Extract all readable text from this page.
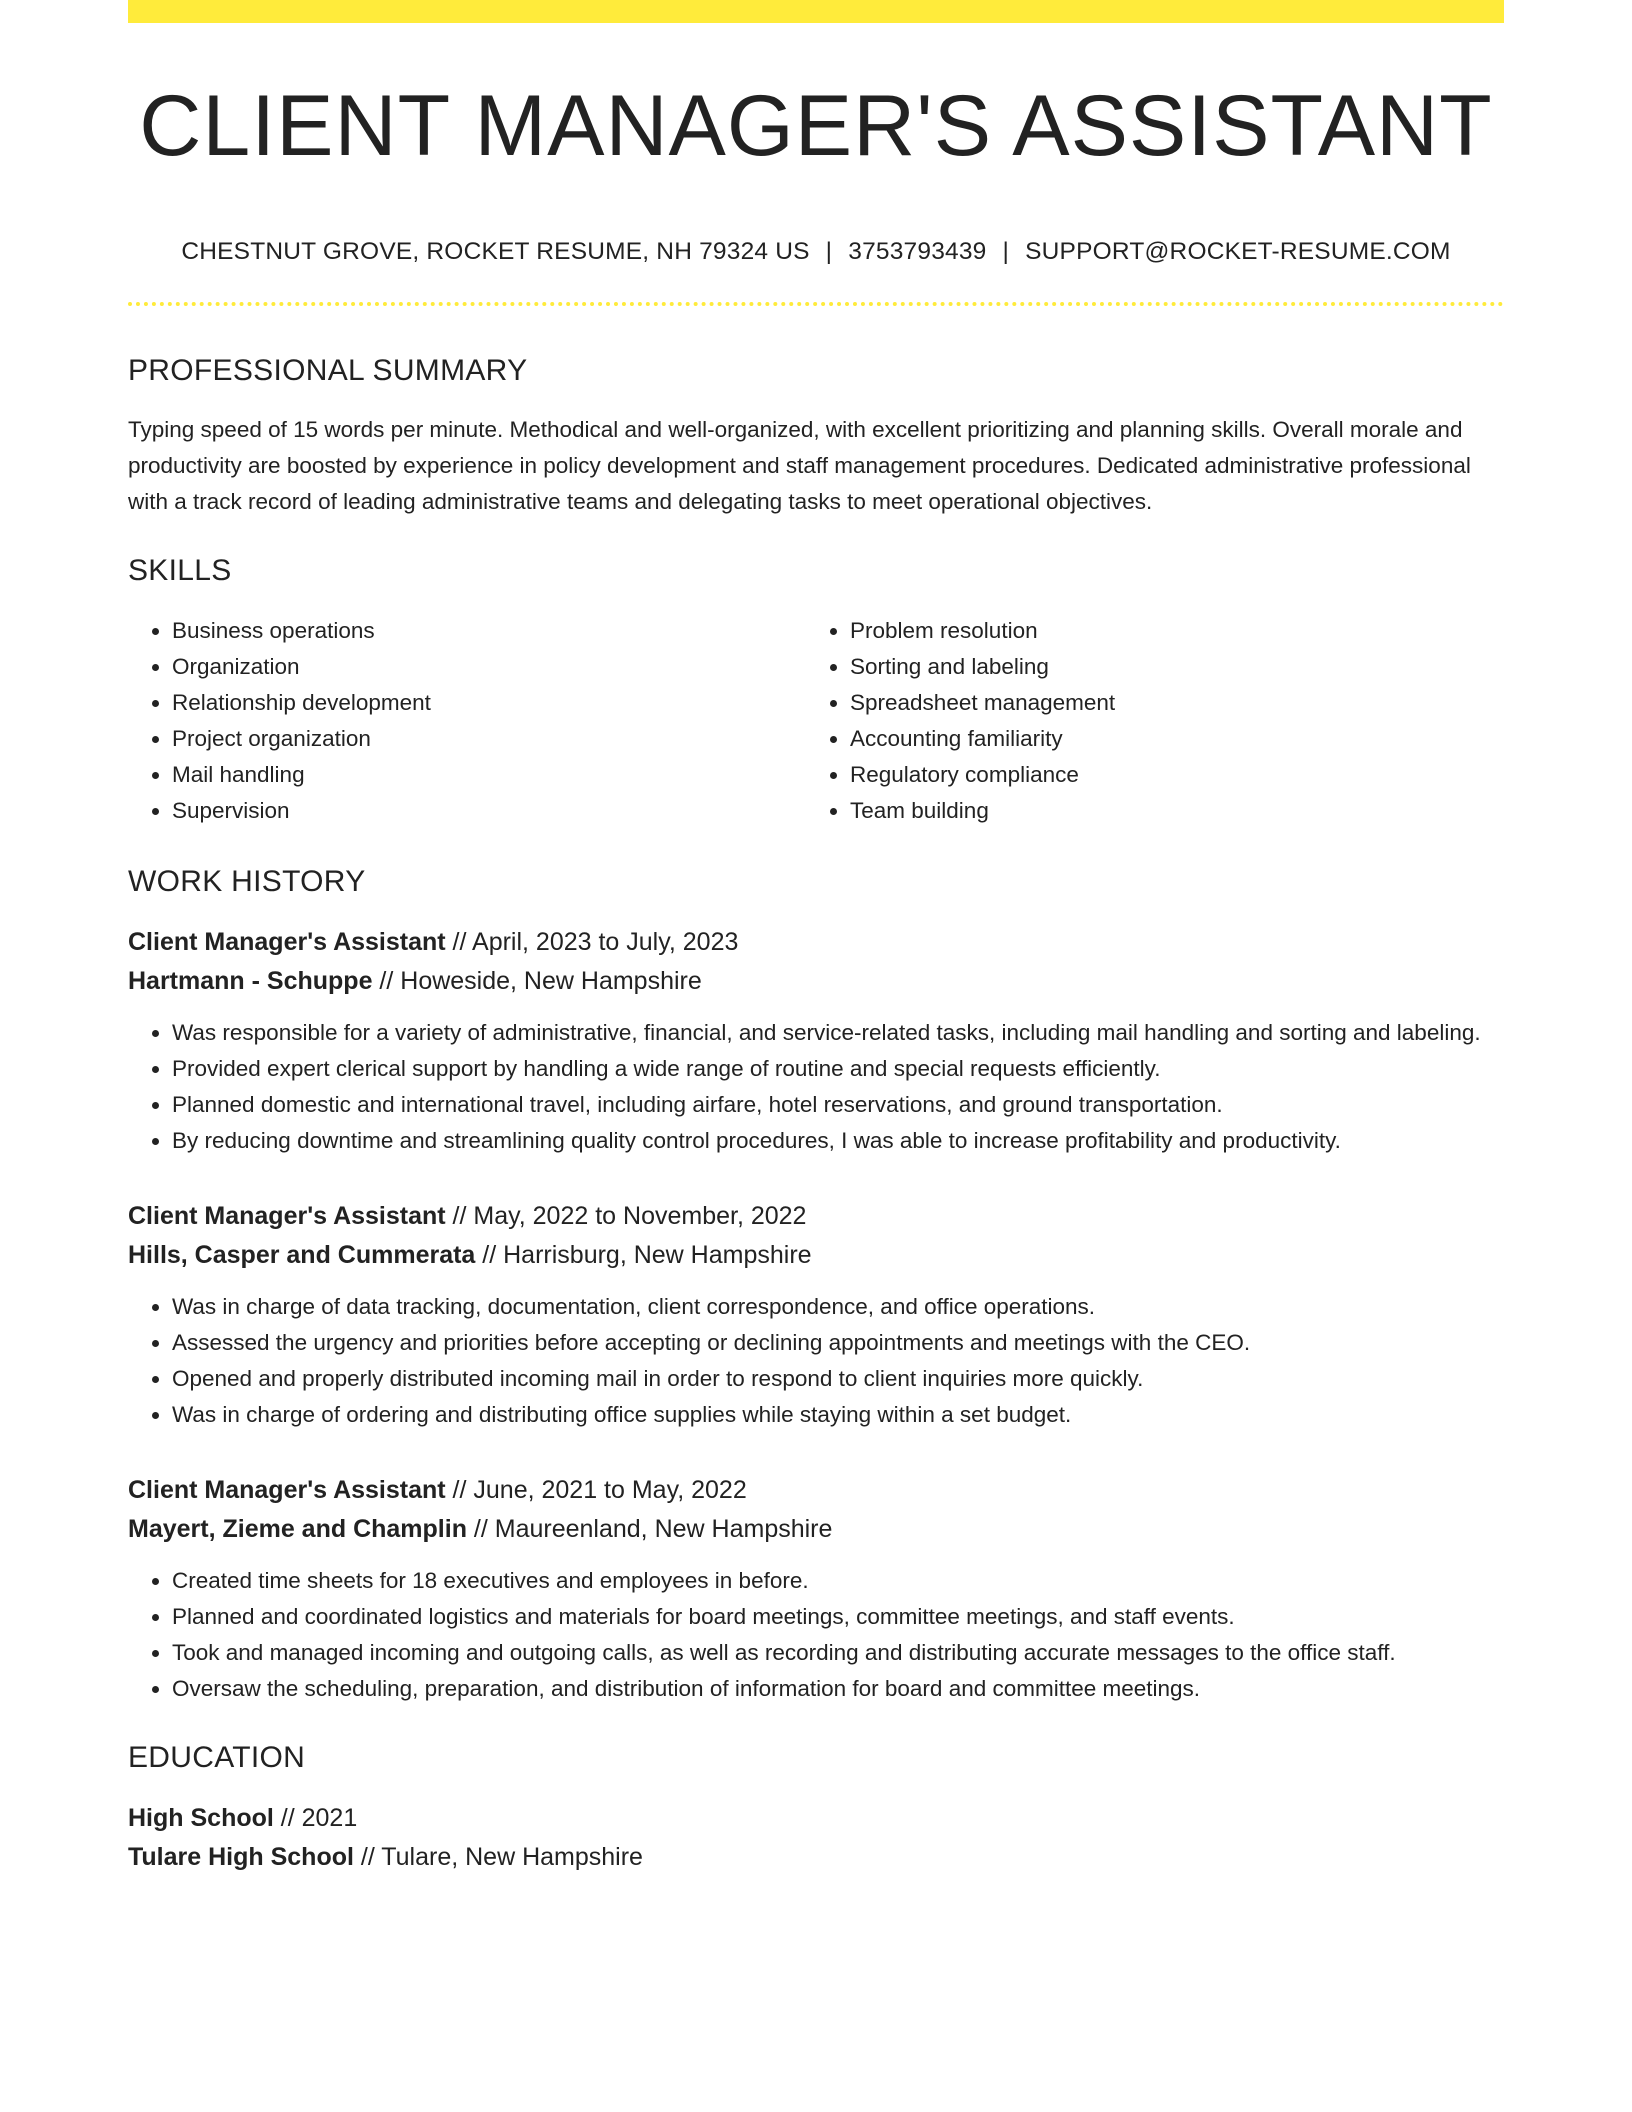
CLIENT MANAGER'S ASSISTANT
CHESTNUT GROVE, ROCKET RESUME, NH 79324 US | 3753793439 | SUPPORT@ROCKET-RESUME.COM
PROFESSIONAL SUMMARY

Typing speed of 15 words per minute. Methodical and well-organized, with excellent prioritizing and planning skills. Overall morale and productivity are boosted by experience in policy development and staff management procedures. Dedicated administrative professional with a track record of leading administrative teams and delegating tasks to meet operational objectives.

SKILLS
• Business operations
• Organization
• Relationship development
• Project organization
• Mail handling
• Supervision
• Problem resolution
• Sorting and labeling
• Spreadsheet management
• Accounting familiarity
• Regulatory compliance
• Team building
WORK HISTORY
Client Manager's Assistant // April, 2023 to July, 2023
Hartmann - Schuppe // Howeside, New Hampshire
• Was responsible for a variety of administrative, financial, and service-related tasks, including mail handling and sorting and labeling.
• Provided expert clerical support by handling a wide range of routine and special requests efficiently.
• Planned domestic and international travel, including airfare, hotel reservations, and ground transportation.
• By reducing downtime and streamlining quality control procedures, I was able to increase profitability and productivity.
Client Manager's Assistant // May, 2022 to November, 2022
Hills, Casper and Cummerata // Harrisburg, New Hampshire
• Was in charge of data tracking, documentation, client correspondence, and office operations.
• Assessed the urgency and priorities before accepting or declining appointments and meetings with the CEO.
• Opened and properly distributed incoming mail in order to respond to client inquiries more quickly.
• Was in charge of ordering and distributing office supplies while staying within a set budget.
Client Manager's Assistant // June, 2021 to May, 2022
Mayert, Zieme and Champlin // Maureenland, New Hampshire
• Created time sheets for 18 executives and employees in before.
• Planned and coordinated logistics and materials for board meetings, committee meetings, and staff events.
• Took and managed incoming and outgoing calls, as well as recording and distributing accurate messages to the office staff.
• Oversaw the scheduling, preparation, and distribution of information for board and committee meetings.
EDUCATION
High School // 2021
Tulare High School // Tulare, New Hampshire
